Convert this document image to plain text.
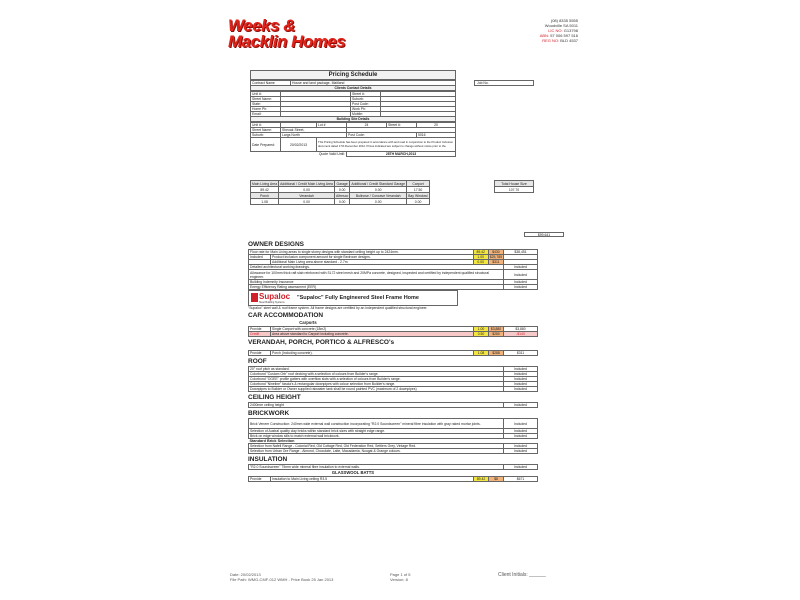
Weeks &
Macklin Homes
(08) 8335 5555
Woodville SA 5011
LIC NO: G13798
ABN: 57 006 597 516
REG NO: BLD 4537
Pricing Schedule
Contract Name	House and land package- Maitland
Clients Contact Details
Unit #:		Street #:	
Street Name:		Suburb:	
State:		Post Code:	
Home Ph:		Work Ph:	
Email:		Mobile:	
Building Site Details			
Unit #:		Lot #	24	Street #:	20
Street Name:	Sheoak Street,				
Suburb:	Largs North		Post Code:		5016
Date Prepared:	20/02/2013	This Pricing Schedule has been prepared in accordance with and read in conjunction to the Product Inclusion document dated 17th December 2012. Prices indicated are subject to change without notice prior to the			
Quote Valid Until:			28TH MARCH,2013		
Job No.
Main Living Area	Additional / Credit Main Living Area	Garage	Additional / Credit Standard Garage	Carport
89.42	0.00	0.00	0.00	17.50
Porch	Verandah	Alfresco	Bullnose / Concave Verandah	Bay Window/
1.08	0.00	0.00	0.00	0.00
Total House Size
107.70
$99,641
OWNER DESIGNS
Floor rate for Main Living areas to single storey designs with standard ceiling height up to 2424mm.		89.42	$430	$38,451
Included	Product inclusion component amount for single Bedroom designs.	1.00	$25,785	
	Additional Main Living area above standard - 2.7m	0.00	$311	
Detailed architectural working drawings.				Included
Allowance for 100mm thick raft slab reinforced with SL72 steel mesh and 20MPa concrete, designed, inspected and certified by independent qualified structural engineer.				Included
Building Indemnity Insurance				Included
Energy Efficiency Rating assessment (EER)				Included
Supaloc
Steel Building Systems
"Supaloc" Fully Engineered Steel Frame Home
"Supaloc" steel wall & roof frame system. All frame designs are certified by an independent qualified structural engineer.
CAR ACCOMMODATION
Carports
Provide	Single Carport with concrete (18m2)	1.00	$3,880	$3,880
Credit	Area above standard to Carport including concrete.	0.50	$280	-$140
VERANDAH, PORCH, PORTICO & ALFRESCO's
Provide	Porch (Including concrete).	1.08	$288	$311
ROOF
20° roof pitch as standard.	Included
Colorbond "Custom Orb" roof decking with a selection of colours from Builder's range.	Included
Colorbond "OGEE" profile gutters with overflow slots with a selection of colours from Builder's range.	Included
Colorbond "Nineline" fascia's & rectangular downpipes with colour selection from Builder's range.	Included
Downpipes to Builder or Owner supplied rainwater tank shall be round painted PVC (maximum of 2 downpipes)	Included
CEILING HEIGHT
2400mm ceiling height	Included
BRICKWORK
Brick Veneer Construction: 240mm wide external wall construction incorporating "R2.0 Soundscreen" mineral fibre insulation with gray raked mortar joints.	Included
Selection of Austral quality clay bricks within standard brick sizes with straight edge range.	Included
Brick on edge window sills to match external wall brickwork.	Included
Standard Brick Selection	
Selection from Nafell Range - Colonial Red, Old Cottage Red, Old Federation Red, Settlers Grey, Vintage Red.	Included
Selection from Urban Ore Range - Almond, Chocolate, Latte, Macadamia, Nougat & Orange colours.	Included
INSULATION
"R2.0 Soundscreen" 75mm wide mineral fibre insulation to external walls.	Included
GLASSWOOL BATTS
Provide	Insulation to Main Living ceiling R3.5	89.42	$8	$671
Date: 20/02/2013
File Path: WMG-CMF-012 WMH - Price Book 25 Jan 2013
Page 1 of 5
Version: 8
Client Initials: ______
